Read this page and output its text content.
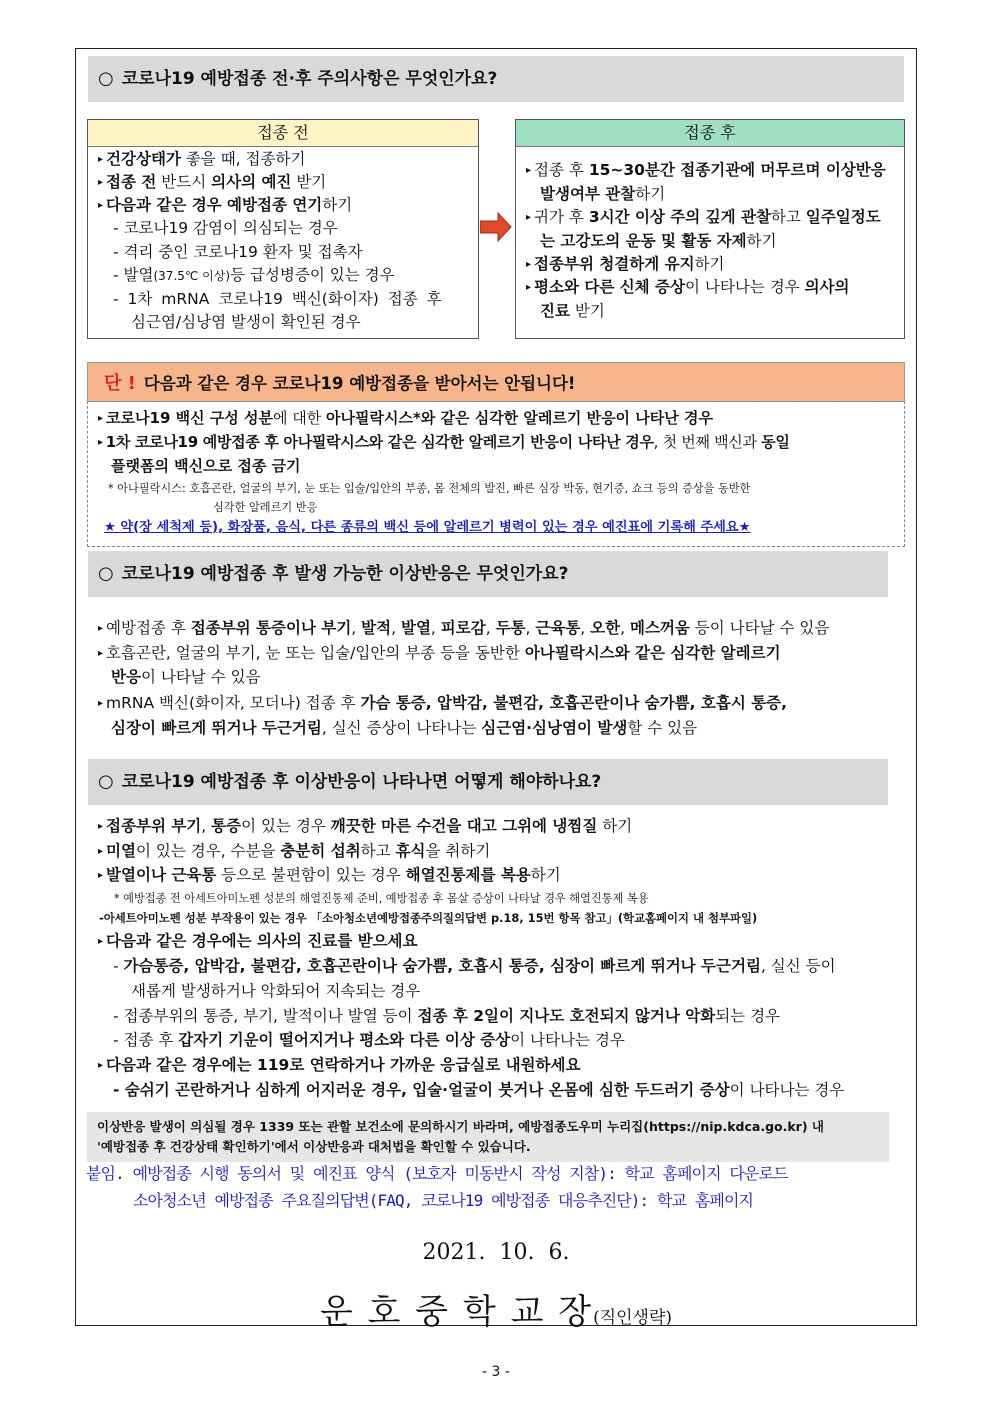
○ 코로나19 예방접종 전·후 주의사항은 무엇인가요?
접종 전
▸ 건강상태가 좋을 때, 접종하기
▸ 접종 전 반드시 의사의 예진 받기
▸ 다음과 같은 경우 예방접종 연기하기
- 코로나19 감염이 의심되는 경우
- 격리 중인 코로나19 환자 및 접촉자
- 발열(37.5℃ 이상)등 급성병증이 있는 경우
- 1차 mRNA 코로나19 백신(화이자) 접종 후
심근염/심낭염 발생이 확인된 경우
접종 후
▸ 접종 후 15~30분간 접종기관에 머무르며 이상반응
발생여부 관찰하기
▸ 귀가 후 3시간 이상 주의 깊게 관찰하고 일주일정도
는 고강도의 운동 및 활동 자제하기
▸ 접종부위 청결하게 유지하기
▸ 평소와 다른 신체 증상이 나타나는 경우 의사의
진료 받기
단 ! 다음과 같은 경우 코로나19 예방접종을 받아서는 안됩니다!
▸ 코로나19 백신 구성 성분에 대한 아나필락시스*와 같은 심각한 알레르기 반응이 나타난 경우
▸ 1차 코로나19 예방접종 후 아나필락시스와 같은 심각한 알레르기 반응이 나타난 경우, 첫 번째 백신과 동일
플랫폼의 백신으로 접종 금기
* 아나필락시스: 호흡곤란, 얼굴의 부기, 눈 또는 입술/입안의 부종, 몸 전체의 발진, 빠른 심장 박동, 현기증, 쇼크 등의 증상을 동반한
심각한 알레르기 반응
★ 약(장 세척제 등), 화장품, 음식, 다른 종류의 백신 등에 알레르기 병력이 있는 경우 예진표에 기록해 주세요★
○ 코로나19 예방접종 후 발생 가능한 이상반응은 무엇인가요?
▸ 예방접종 후 접종부위 통증이나 부기, 발적, 발열, 피로감, 두통, 근육통, 오한, 메스꺼움 등이 나타날 수 있음
▸ 호흡곤란, 얼굴의 부기, 눈 또는 입술/입안의 부종 등을 동반한 아나필락시스와 같은 심각한 알레르기
반응이 나타날 수 있음
▸ mRNA 백신(화이자, 모더나) 접종 후 가슴 통증, 압박감, 불편감, 호흡곤란이나 숨가쁨, 호흡시 통증,
심장이 빠르게 뛰거나 두근거림, 실신 증상이 나타나는 심근염·심낭염이 발생할 수 있음
○ 코로나19 예방접종 후 이상반응이 나타나면 어떻게 해야하나요?
▸ 접종부위 부기, 통증이 있는 경우 깨끗한 마른 수건을 대고 그위에 냉찜질 하기
▸ 미열이 있는 경우, 수분을 충분히 섭취하고 휴식을 취하기
▸ 발열이나 근육통 등으로 불편함이 있는 경우 해열진통제를 복용하기
* 예방접종 전 아세트아미노펜 성분의 해열진통제 준비, 예방접종 후 몸살 증상이 나타날 경우 해열진통제 복용
-아세트아미노펜 성분 부작용이 있는 경우 「소아청소년예방접종주의질의답변 p.18, 15번 항목 참고」(학교홈페이지 내 첨부파일)
▸ 다음과 같은 경우에는 의사의 진료를 받으세요
- 가슴통증, 압박감, 불편감, 호흡곤란이나 숨가쁨, 호흡시 통증, 심장이 빠르게 뛰거나 두근거림, 실신 등이
새롭게 발생하거나 악화되어 지속되는 경우
- 접종부위의 통증, 부기, 발적이나 발열 등이 접종 후 2일이 지나도 호전되지 않거나 악화되는 경우
- 접종 후 갑자기 기운이 떨어지거나 평소와 다른 이상 증상이 나타나는 경우
▸ 다음과 같은 경우에는 119로 연락하거나 가까운 응급실로 내원하세요
- 숨쉬기 곤란하거나 심하게 어지러운 경우, 입술·얼굴이 붓거나 온몸에 심한 두드러기 증상이 나타나는 경우
이상반응 발생이 의심될 경우 1339 또는 관할 보건소에 문의하시기 바라며, 예방접종도우미 누리집(https://nip.kdca.go.kr) 내
'예방접종 후 건강상태 확인하기'에서 이상반응과 대처법을 확인할 수 있습니다.
붙임. 예방접종 시행 동의서 및 예진표 양식 (보호자 미동반시 작성 지참): 학교 홈페이지 다운로드
소아청소년 예방접종 주요질의답변(FAQ, 코로나19 예방접종 대응추진단): 학교 홈페이지
2021.  10.  6.
운 호 중 학 교 장(직인생략)
- 3 -
